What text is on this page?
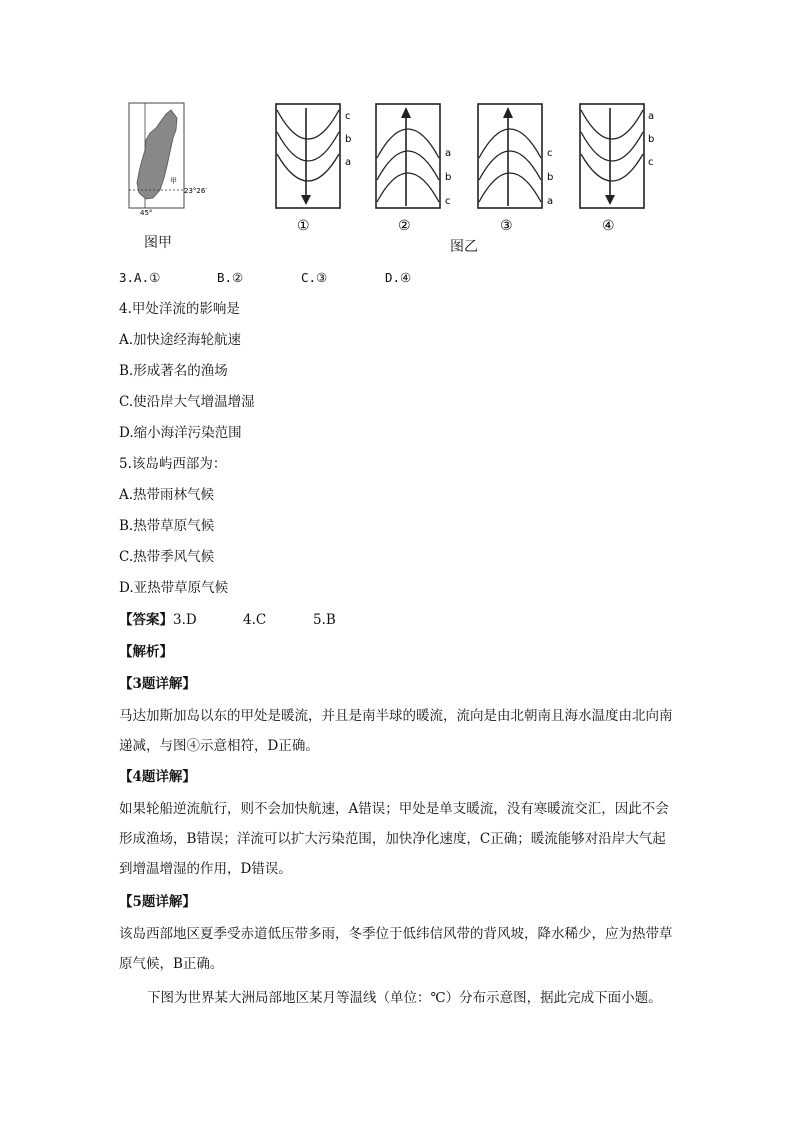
甲
23°26′
45°
c
b
a
①
a
b
c
②
c
b
a
③
a
b
c
④
图甲	图乙
3.A.①	B.②	C.③	D.④
4.甲处洋流的影响是
A.加快途经海轮航速
B.形成著名的渔场
C.使沿岸大气增温增湿
D.缩小海洋污染范围
5.该岛屿西部为：
A.热带雨林气候
B.热带草原气候
C.热带季风气候
D.亚热带草原气候
【答案】3.D	4.C	5.B
【解析】
【3题详解】
马达加斯加岛以东的甲处是暖流，并且是南半球的暖流，流向是由北朝南且海水温度由北向南递减，与图④示意相符，D正确。
【4题详解】
如果轮船逆流航行，则不会加快航速，A错误；甲处是单支暖流，没有寒暖流交汇，因此不会形成渔场，B错误；洋流可以扩大污染范围，加快净化速度，C正确；暖流能够对沿岸大气起到增温增湿的作用，D错误。
【5题详解】
该岛西部地区夏季受赤道低压带多雨，冬季位于低纬信风带的背风坡，降水稀少，应为热带草原气候，B正确。
下图为世界某大洲局部地区某月等温线（单位：℃）分布示意图，据此完成下面小题。
